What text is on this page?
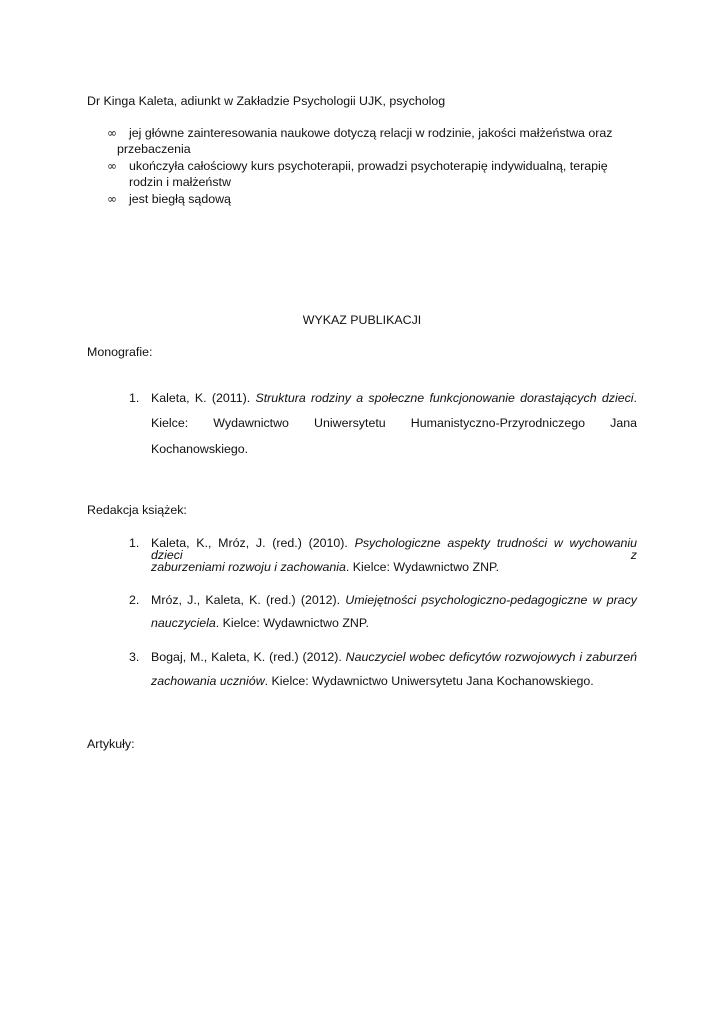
Dr Kinga Kaleta, adiunkt w Zakładzie Psychologii UJK, psycholog
∞ jej główne zainteresowania naukowe dotyczą relacji w rodzinie, jakości małżeństwa oraz
przebaczenia
∞ ukończyła całościowy kurs psychoterapii, prowadzi psychoterapię indywidualną, terapię
rodzin i małżeństw
∞ jest biegłą sądową
WYKAZ PUBLIKACJI
Monografie:
1. Kaleta, K. (2011). Struktura rodziny a społeczne funkcjonowanie dorastających dzieci.
Kielce: Wydawnictwo Uniwersytetu Humanistyczno-Przyrodniczego Jana
Kochanowskiego.
Redakcja książek:
1. Kaleta, K., Mróz, J. (red.) (2010). Psychologiczne aspekty trudności w wychowaniu dzieci z
zaburzeniami rozwoju i zachowania. Kielce: Wydawnictwo ZNP.
2. Mróz, J., Kaleta, K. (red.) (2012). Umiejętności psychologiczno-pedagogiczne w pracy
nauczyciela. Kielce: Wydawnictwo ZNP.
3. Bogaj, M., Kaleta, K. (red.) (2012). Nauczyciel wobec deficytów rozwojowych i zaburzeń
zachowania uczniów. Kielce: Wydawnictwo Uniwersytetu Jana Kochanowskiego.
Artykuły:
